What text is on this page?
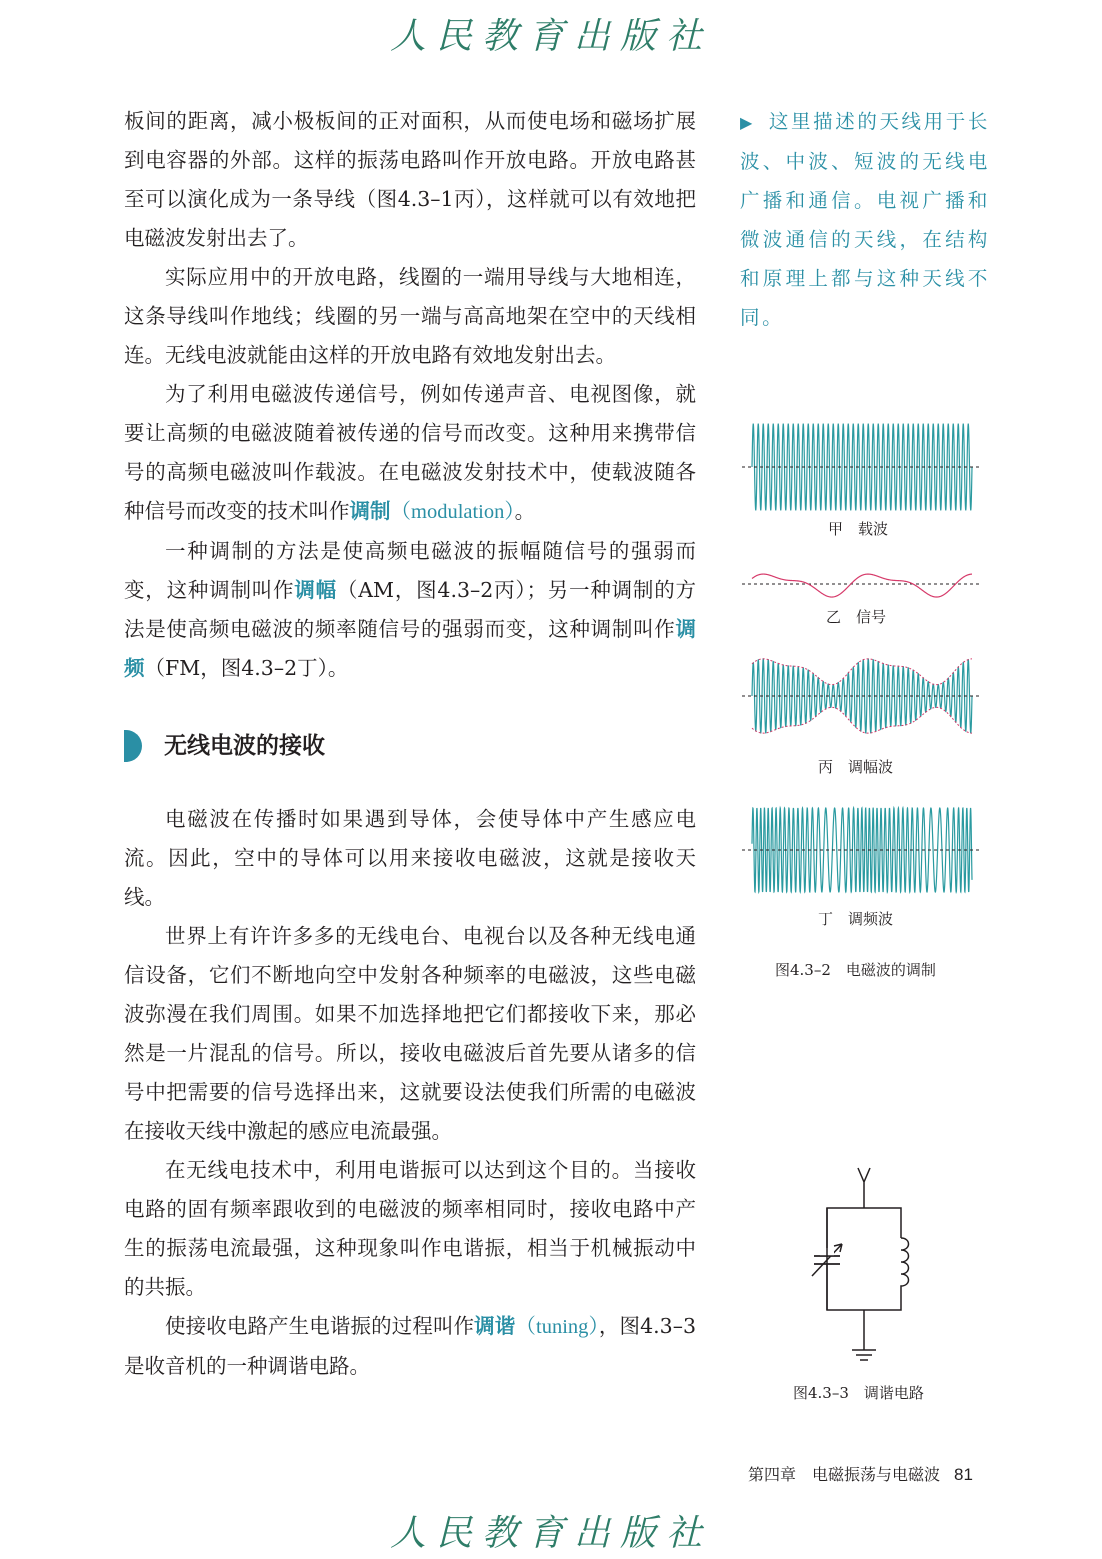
人民教育出版社

板间的距离，减小极板间的正对面积，从而使电场和磁场扩展到电容器的外部。这样的振荡电路叫作开放电路。开放电路甚至可以演化成为一条导线（图4.3–1丙），这样就可以有效地把电磁波发射出去了。

实际应用中的开放电路，线圈的一端用导线与大地相连，这条导线叫作地线；线圈的另一端与高高地架在空中的天线相连。无线电波就能由这样的开放电路有效地发射出去。

为了利用电磁波传递信号，例如传递声音、电视图像，就要让高频的电磁波随着被传递的信号而改变。这种用来携带信号的高频电磁波叫作载波。在电磁波发射技术中，使载波随各种信号而改变的技术叫作调制（modulation）。

一种调制的方法是使高频电磁波的振幅随信号的强弱而变，这种调制叫作调幅（AM，图4.3–2丙）；另一种调制的方法是使高频电磁波的频率随信号的强弱而变，这种调制叫作调频（FM，图4.3–2丁）。

无线电波的接收

电磁波在传播时如果遇到导体，会使导体中产生感应电流。因此，空中的导体可以用来接收电磁波，这就是接收天线。

世界上有许许多多的无线电台、电视台以及各种无线电通信设备，它们不断地向空中发射各种频率的电磁波，这些电磁波弥漫在我们周围。如果不加选择地把它们都接收下来，那必然是一片混乱的信号。所以，接收电磁波后首先要从诸多的信号中把需要的信号选择出来，这就要设法使我们所需的电磁波在接收天线中激起的感应电流最强。

在无线电技术中，利用电谐振可以达到这个目的。当接收电路的固有频率跟收到的电磁波的频率相同时，接收电路中产生的振荡电流最强，这种现象叫作电谐振，相当于机械振动中的共振。

使接收电路产生电谐振的过程叫作调谐（tuning），图4.3–3是收音机的一种调谐电路。

▶ 这里描述的天线用于长波、中波、短波的无线电广播和通信。电视广播和微波通信的天线，在结构和原理上都与这种天线不同。
甲　载波
乙　信号
丙　调幅波
丁　调频波
图4.3–2　电磁波的调制
图4.3–3　调谐电路
第四章　电磁振荡与电磁波 81
人民教育出版社
